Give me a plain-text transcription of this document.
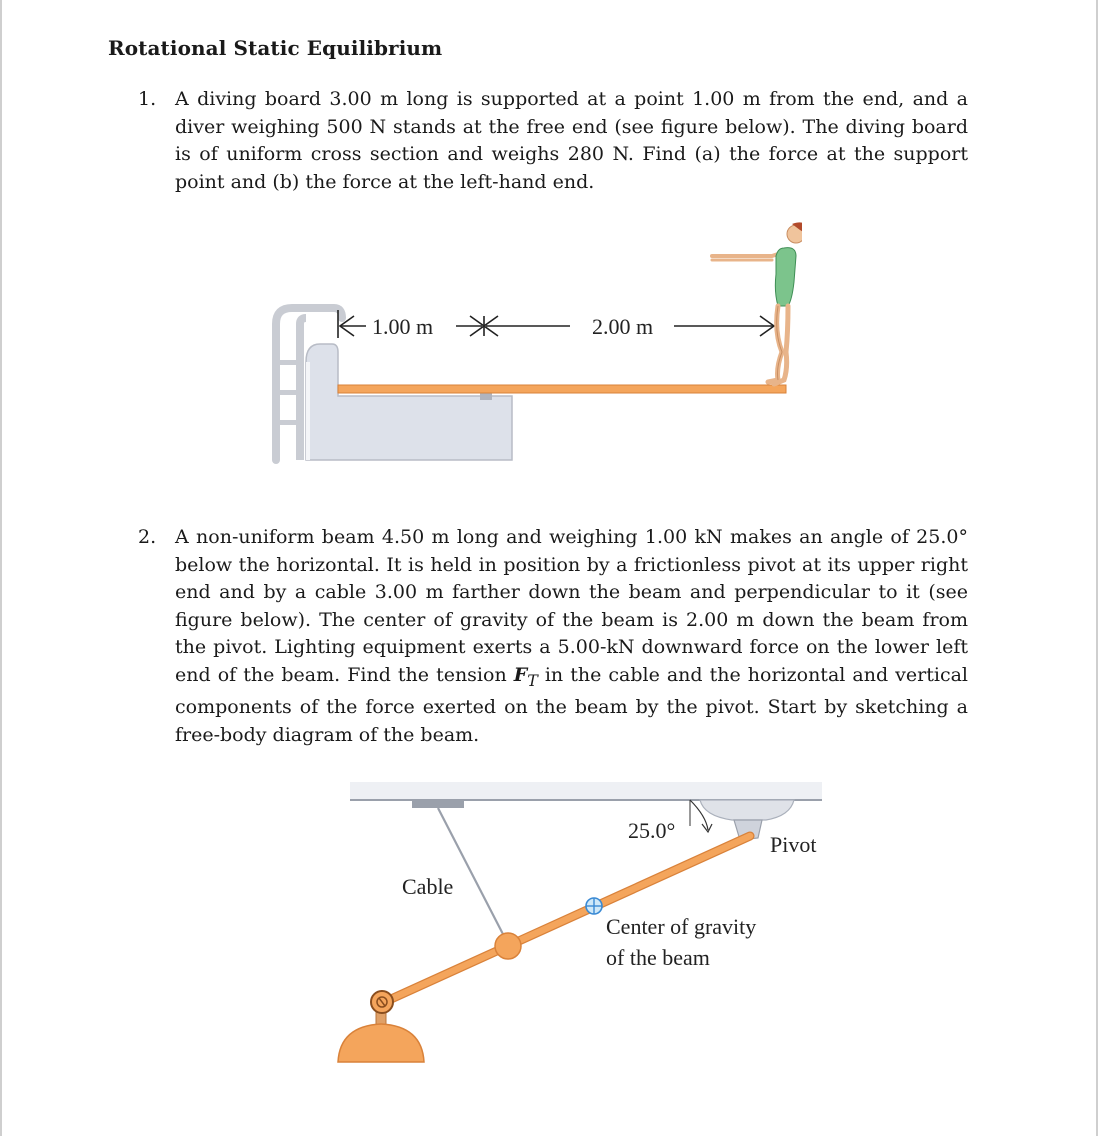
Rotational Static Equilibrium
1. A diving board 3.00 m long is supported at a point 1.00 m from the end, and a diver weighing 500 N stands at the free end (see figure below). The diving board is of uniform cross section and weighs 280 N. Find (a) the force at the support point and (b) the force at the left-hand end.
1.00 m	2.00 m
2. A non-uniform beam 4.50 m long and weighing 1.00 kN makes an angle of 25.0° below the horizontal. It is held in position by a frictionless pivot at its upper right end and by a cable 3.00 m farther down the beam and perpendicular to it (see figure below). The center of gravity of the beam is 2.00 m down the beam from the pivot. Lighting equipment exerts a 5.00-kN downward force on the lower left end of the beam. Find the tension $F_T$ in the cable and the horizontal and vertical components of the force exerted on the beam by the pivot. Start by sketching a free-body diagram of the beam.
25.0°
Pivot
Cable
Center of gravity
of the beam
